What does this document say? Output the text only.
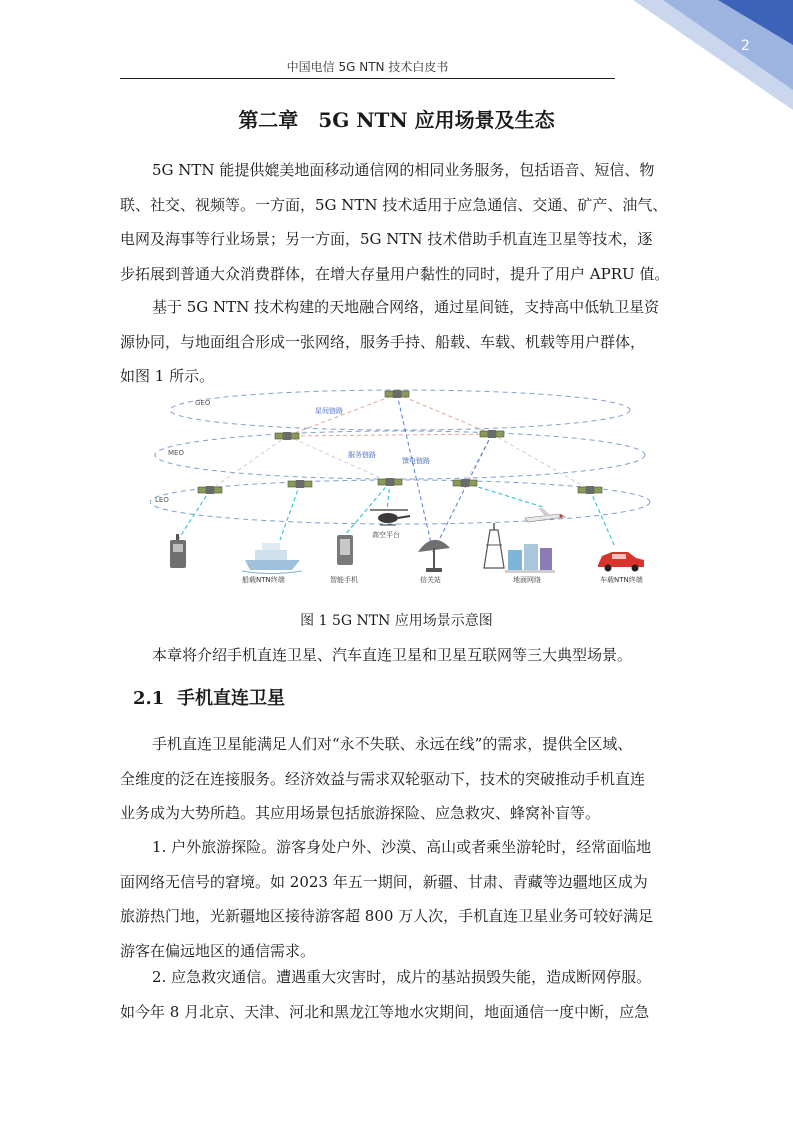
2
中国电信 5G NTN 技术白皮书
第二章　5G NTN 应用场景及生态

5G NTN 能提供媲美地面移动通信网的相同业务服务，包括语音、短信、物
联、社交、视频等。一方面，5G NTN 技术适用于应急通信、交通、矿产、油气、
电网及海事等行业场景；另一方面，5G NTN 技术借助手机直连卫星等技术，逐
步拓展到普通大众消费群体，在增大存量用户黏性的同时，提升了用户 APRU 值。

基于 5G NTN 技术构建的天地融合网络，通过星间链，支持高中低轨卫星资
源协同，与地面组合形成一张网络，服务手持、船载、车载、机载等用户群体，
如图 1 所示。

GEO
MEO
LEO
星间链路
服务链路
馈电链路
船载NTN终端	智能手机
高空平台
信关站	地面网络	车载NTN终端
图 1 5G NTN 应用场景示意图

本章将介绍手机直连卫星、汽车直连卫星和卫星互联网等三大典型场景。

2.1 手机直连卫星

手机直连卫星能满足人们对“永不失联、永远在线”的需求，提供全区域、
全维度的泛在连接服务。经济效益与需求双轮驱动下，技术的突破推动手机直连
业务成为大势所趋。其应用场景包括旅游探险、应急救灾、蜂窝补盲等。

1. 户外旅游探险。游客身处户外、沙漠、高山或者乘坐游轮时，经常面临地
面网络无信号的窘境。如 2023 年五一期间，新疆、甘肃、青藏等边疆地区成为
旅游热门地，光新疆地区接待游客超 800 万人次，手机直连卫星业务可较好满足
游客在偏远地区的通信需求。

2. 应急救灾通信。遭遇重大灾害时，成片的基站损毁失能，造成断网停服。
如今年 8 月北京、天津、河北和黑龙江等地水灾期间，地面通信一度中断，应急
